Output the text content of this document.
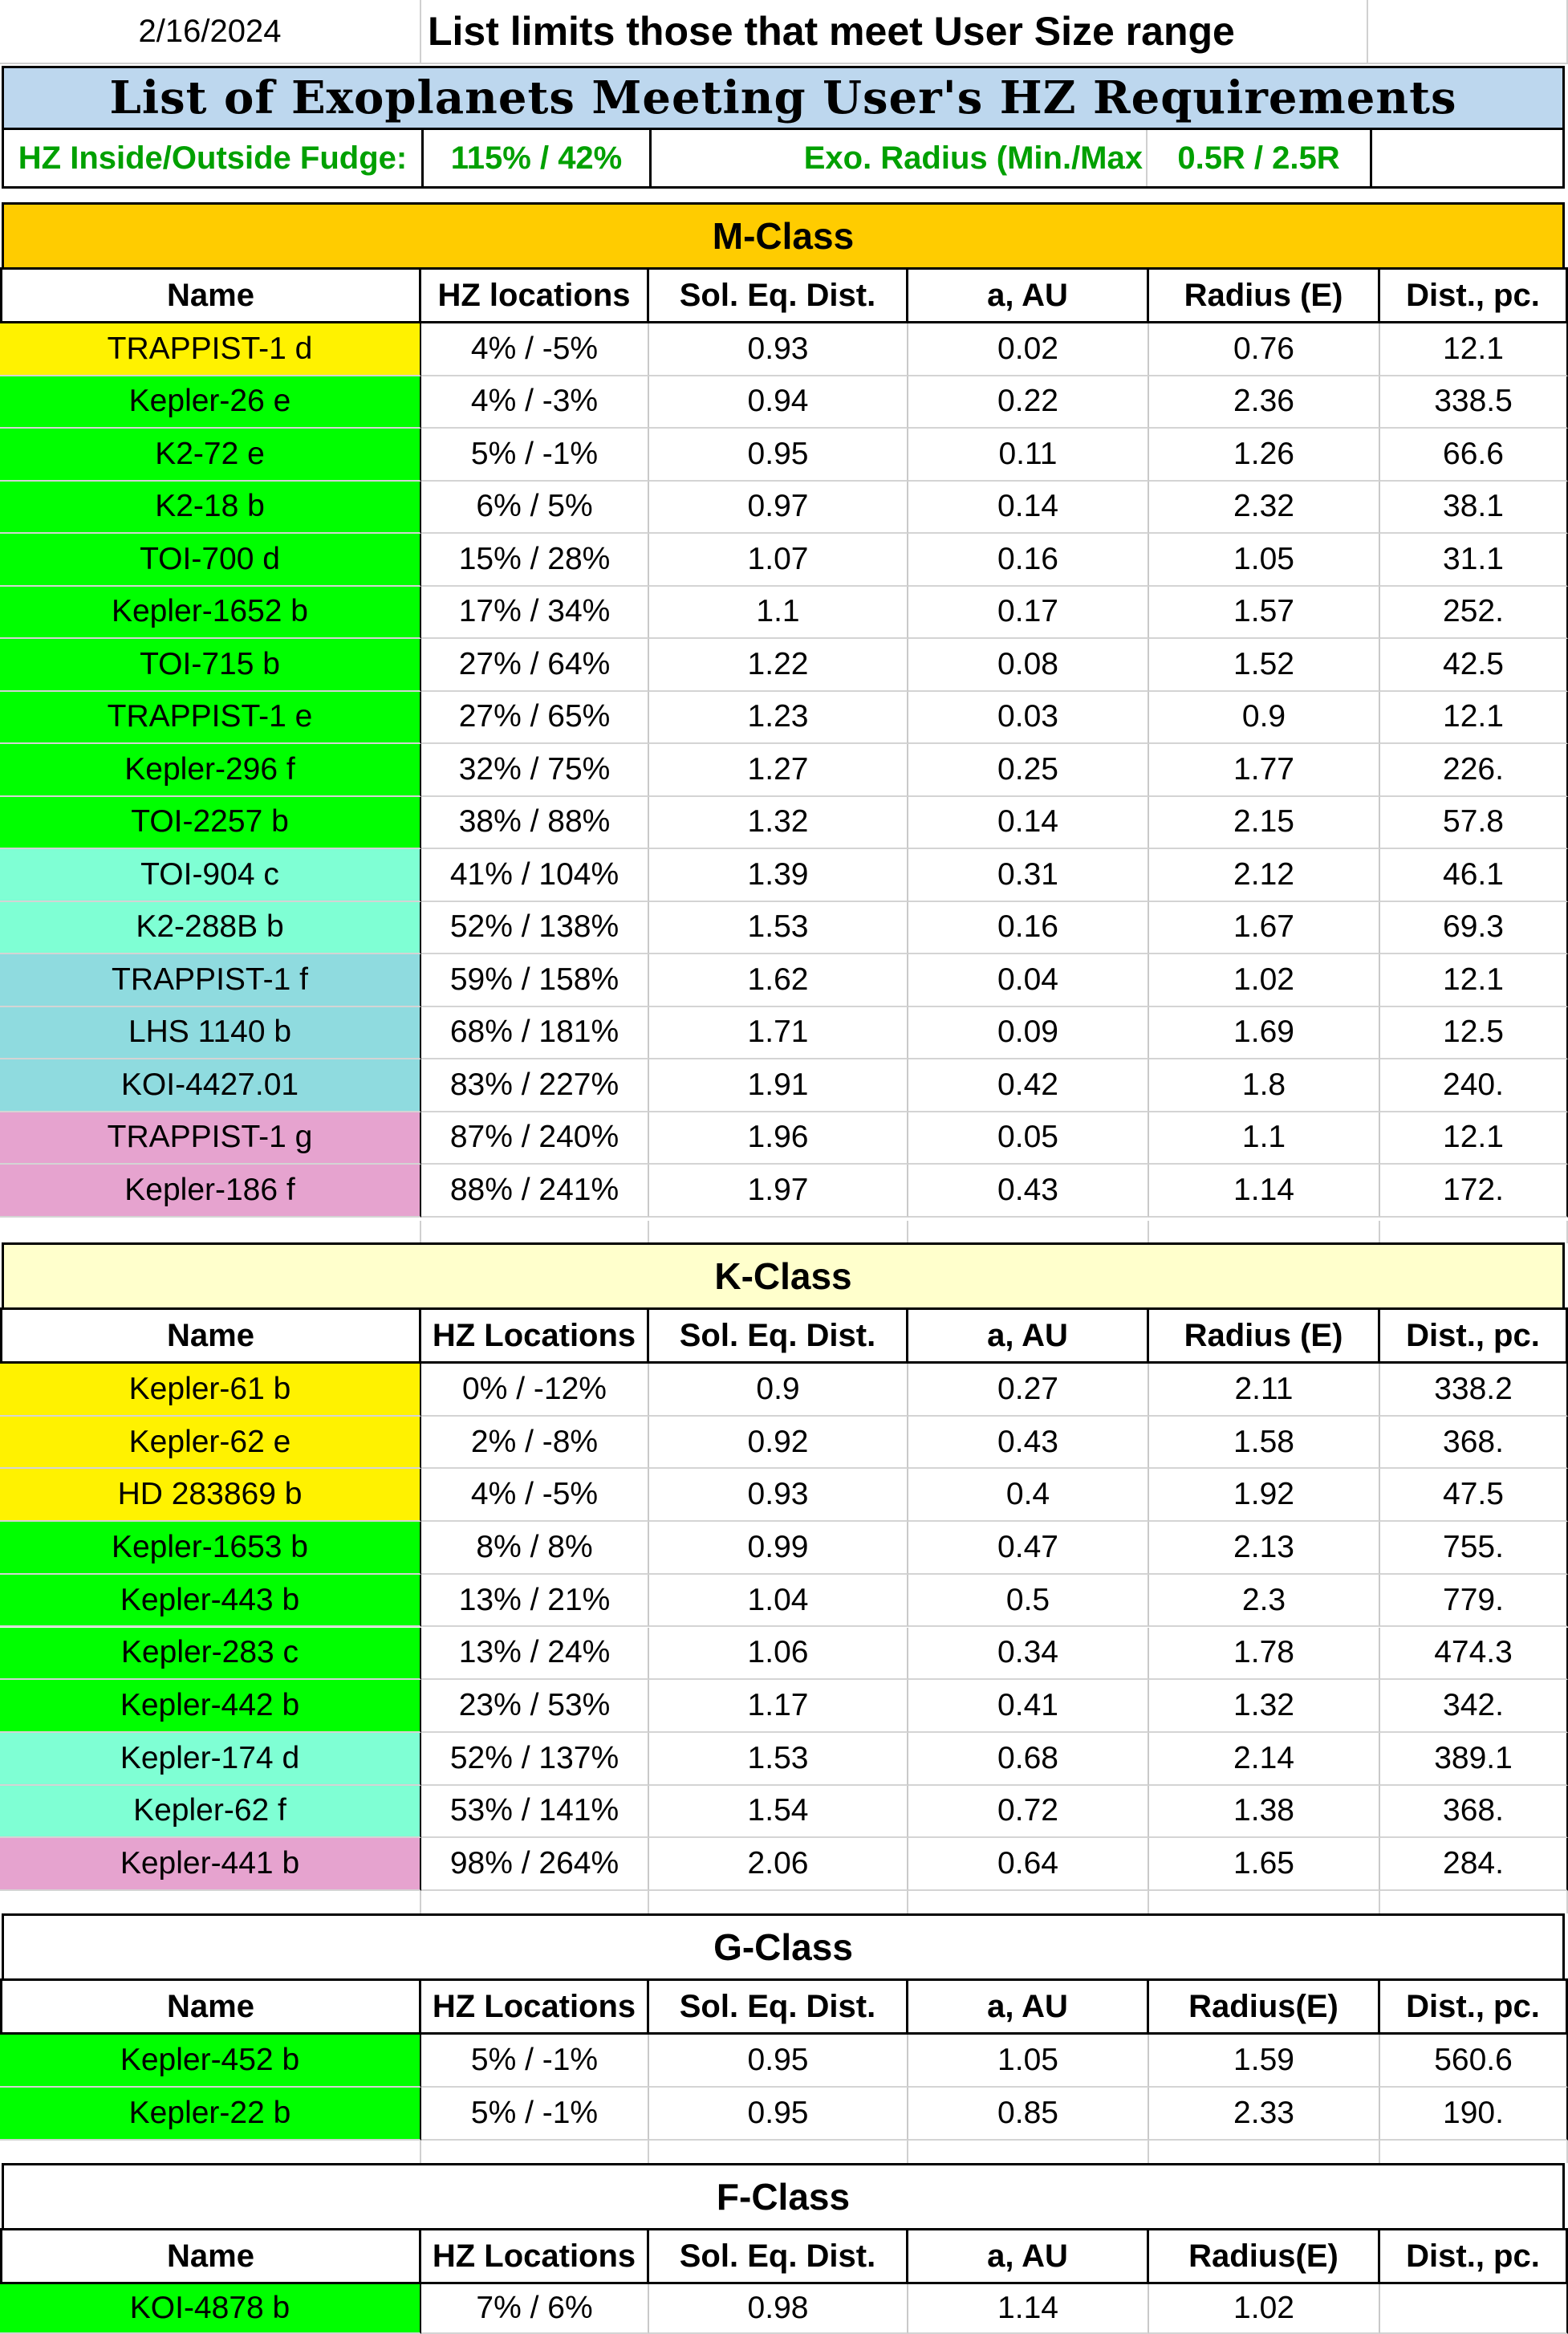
2/16/2024	List limits those that meet User Size range
List of Exoplanets Meeting User's HZ Requirements
HZ Inside/Outside Fudge:	115% / 42%	Exo. Radius (Min./Max	0.5R / 2.5R
M-Class
Name	HZ locations	Sol. Eq. Dist.	a, AU	Radius (E)	Dist., pc.
TRAPPIST-1 d	4% / -5%	0.93	0.02	0.76	12.1
Kepler-26 e	4% / -3%	0.94	0.22	2.36	338.5
K2-72 e	5% / -1%	0.95	0.11	1.26	66.6
K2-18 b	6% / 5%	0.97	0.14	2.32	38.1
TOI-700 d	15% / 28%	1.07	0.16	1.05	31.1
Kepler-1652 b	17% / 34%	1.1	0.17	1.57	252.
TOI-715 b	27% / 64%	1.22	0.08	1.52	42.5
TRAPPIST-1 e	27% / 65%	1.23	0.03	0.9	12.1
Kepler-296 f	32% / 75%	1.27	0.25	1.77	226.
TOI-2257 b	38% / 88%	1.32	0.14	2.15	57.8
TOI-904 c	41% / 104%	1.39	0.31	2.12	46.1
K2-288B b	52% / 138%	1.53	0.16	1.67	69.3
TRAPPIST-1 f	59% / 158%	1.62	0.04	1.02	12.1
LHS 1140 b	68% / 181%	1.71	0.09	1.69	12.5
KOI-4427.01	83% / 227%	1.91	0.42	1.8	240.
TRAPPIST-1 g	87% / 240%	1.96	0.05	1.1	12.1
Kepler-186 f	88% / 241%	1.97	0.43	1.14	172.
K-Class
Name	HZ Locations	Sol. Eq. Dist.	a, AU	Radius (E)	Dist., pc.
Kepler-61 b	0% / -12%	0.9	0.27	2.11	338.2
Kepler-62 e	2% / -8%	0.92	0.43	1.58	368.
HD 283869 b	4% / -5%	0.93	0.4	1.92	47.5
Kepler-1653 b	8% / 8%	0.99	0.47	2.13	755.
Kepler-443 b	13% / 21%	1.04	0.5	2.3	779.
Kepler-283 c	13% / 24%	1.06	0.34	1.78	474.3
Kepler-442 b	23% / 53%	1.17	0.41	1.32	342.
Kepler-174 d	52% / 137%	1.53	0.68	2.14	389.1
Kepler-62 f	53% / 141%	1.54	0.72	1.38	368.
Kepler-441 b	98% / 264%	2.06	0.64	1.65	284.
G-Class
Name	HZ Locations	Sol. Eq. Dist.	a, AU	Radius(E)	Dist., pc.
Kepler-452 b	5% / -1%	0.95	1.05	1.59	560.6
Kepler-22 b	5% / -1%	0.95	0.85	2.33	190.
F-Class
Name	HZ Locations	Sol. Eq. Dist.	a, AU	Radius(E)	Dist., pc.
KOI-4878 b	7% / 6%	0.98	1.14	1.02
